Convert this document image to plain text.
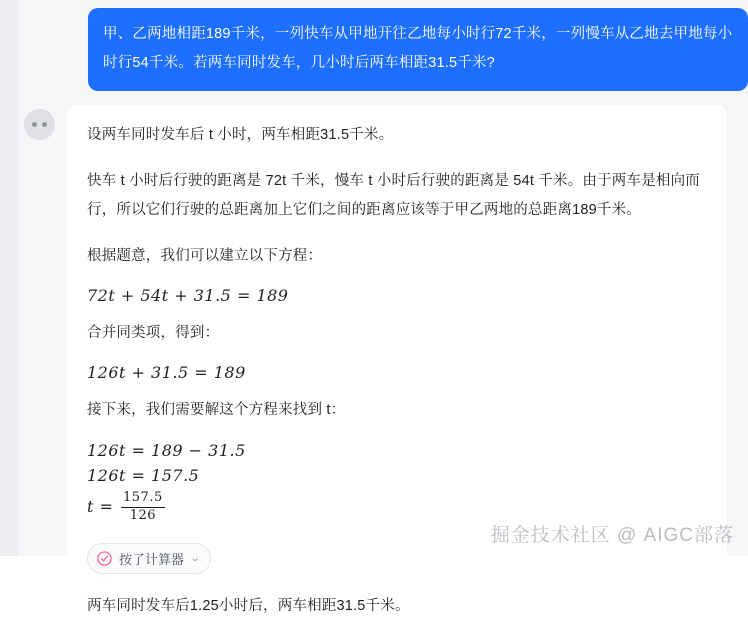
甲、乙两地相距189千米，一列快车从甲地开往乙地每小时行72千米，一列慢车从乙地去甲地每小时行54千米。若两车同时发车，几小时后两车相距31.5千米?

设两车同时发车后 t 小时，两车相距31.5千米。

快车 t 小时后行驶的距离是 72t 千米，慢车 t 小时后行驶的距离是 54t 千米。由于两车是相向而行，所以它们行驶的总距离加上它们之间的距离应该等于甲乙两地的总距离189千米。

根据题意，我们可以建立以下方程：

72t + 54t + 31.5 = 189

合并同类项，得到：

126t + 31.5 = 189

接下来，我们需要解这个方程来找到 t：

126t = 189 − 31.5
126t = 157.5
$t = \frac{157.5}{126}$
按了计算器 ⌄

两车同时发车后1.25小时后，两车相距31.5千米。

掘金技术社区 @ AIGC部落
